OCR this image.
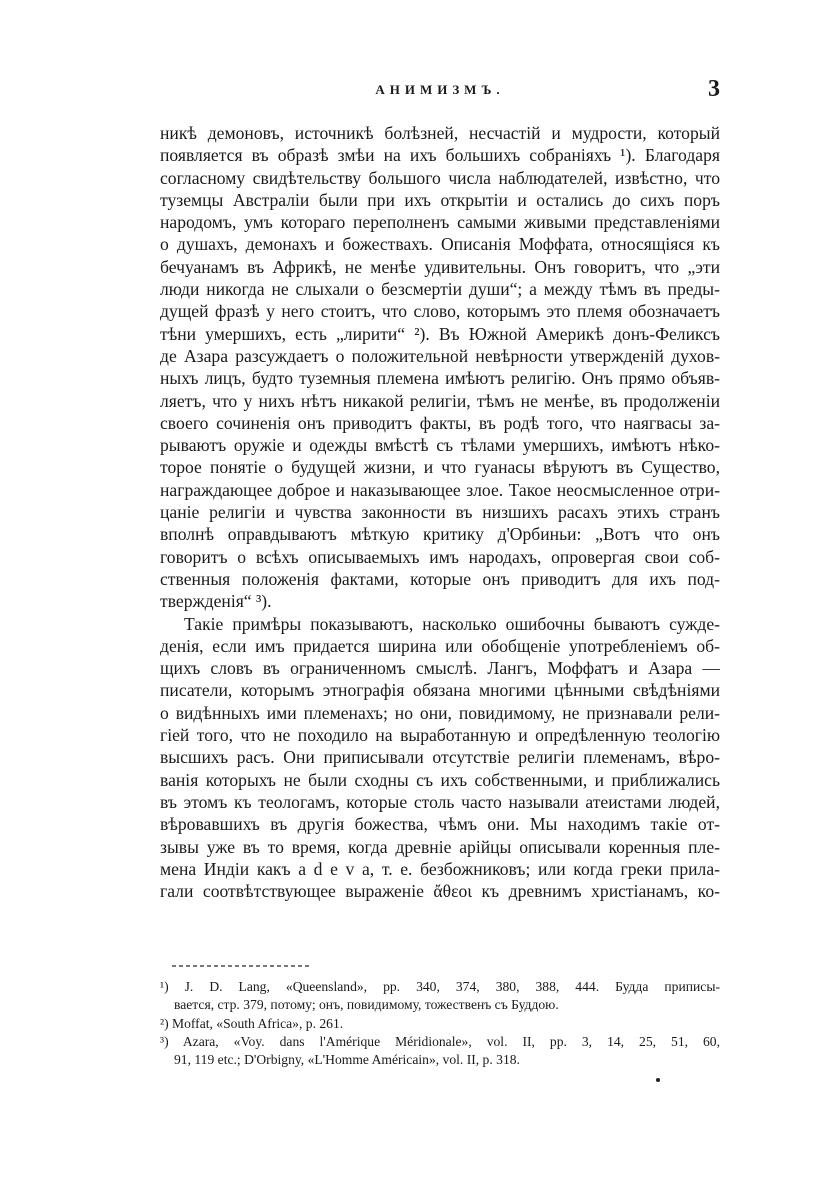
АНИМИЗМЪ.	3
никѣ демоновъ, источникѣ болѣзней, несчастій и мудрости, который
появляется въ образѣ змѣи на ихъ большихъ собраніяхъ ¹). Благодаря
согласному свидѣтельству большого числа наблюдателей, извѣстно, что
туземцы Австраліи были при ихъ открытіи и остались до сихъ поръ
народомъ, умъ котораго переполненъ самыми живыми представленіями
о душахъ, демонахъ и божествахъ. Описанія Моффата, относящіяся къ
бечуанамъ въ Африкѣ, не менѣе удивительны. Онъ говоритъ, что „эти
люди никогда не слыхали о безсмертіи души“; а между тѣмъ въ преды-
дущей фразѣ у него стоитъ, что слово, которымъ это племя обозначаетъ
тѣни умершихъ, есть „лирити“ ²). Въ Южной Америкѣ донъ-Феликсъ
де Азара разсуждаетъ о положительной невѣрности утвержденій духов-
ныхъ лицъ, будто туземныя племена имѣютъ религію. Онъ прямо объяв-
ляетъ, что у нихъ нѣтъ никакой религіи, тѣмъ не менѣе, въ продолженіи
своего сочиненія онъ приводитъ факты, въ родѣ того, что наягвасы за-
рываютъ оружіе и одежды вмѣстѣ съ тѣлами умершихъ, имѣютъ нѣко-
торое понятіе о будущей жизни, и что гуанасы вѣруютъ въ Существо,
награждающее доброе и наказывающее злое. Такое неосмысленное отри-
цаніе религіи и чувства законности въ низшихъ расахъ этихъ странъ
вполнѣ оправдываютъ мѣткую критику д'Орбиньи: „Вотъ что онъ
говоритъ о всѣхъ описываемыхъ имъ народахъ, опровергая свои соб-
ственныя положенія фактами, которые онъ приводитъ для ихъ под-
твержденія“ ³).
Такіе примѣры показываютъ, насколько ошибочны бываютъ сужде-
денія, если имъ придается ширина или обобщеніе употребленіемъ об-
щихъ словъ въ ограниченномъ смыслѣ. Лангъ, Моффатъ и Азара —
писатели, которымъ этнографія обязана многими цѣнными свѣдѣніями
о видѣнныхъ ими племенахъ; но они, повидимому, не признавали рели-
гіей того, что не походило на выработанную и опредѣленную теологію
высшихъ расъ. Они приписывали отсутствіе религіи племенамъ, вѣро-
ванія которыхъ не были сходны съ ихъ собственными, и приближались
въ этомъ къ теологамъ, которые столь часто называли атеистами людей,
вѣровавшихъ въ другія божества, чѣмъ они. Мы находимъ такіе от-
зывы уже въ то время, когда древніе арійцы описывали коренныя пле-
мена Индіи какъ a d e v a, т. е. безбожниковъ; или когда греки прила-
гали соотвѣтствующее выраженіе ἄθεοι къ древнимъ христіанамъ, ко-
¹) J. D. Lang, «Queensland», pp. 340, 374, 380, 388, 444. Будда приписы-
вается, стр. 379, потому; онъ, повидимому, тожественъ съ Буддою.
²) Moffat, «South Africa», p. 261.
³) Azara, «Voy. dans l'Amérique Méridionale», vol. II, pp. 3, 14, 25, 51, 60,
91, 119 etc.; D'Orbigny, «L'Homme Américain», vol. II, p. 318.
